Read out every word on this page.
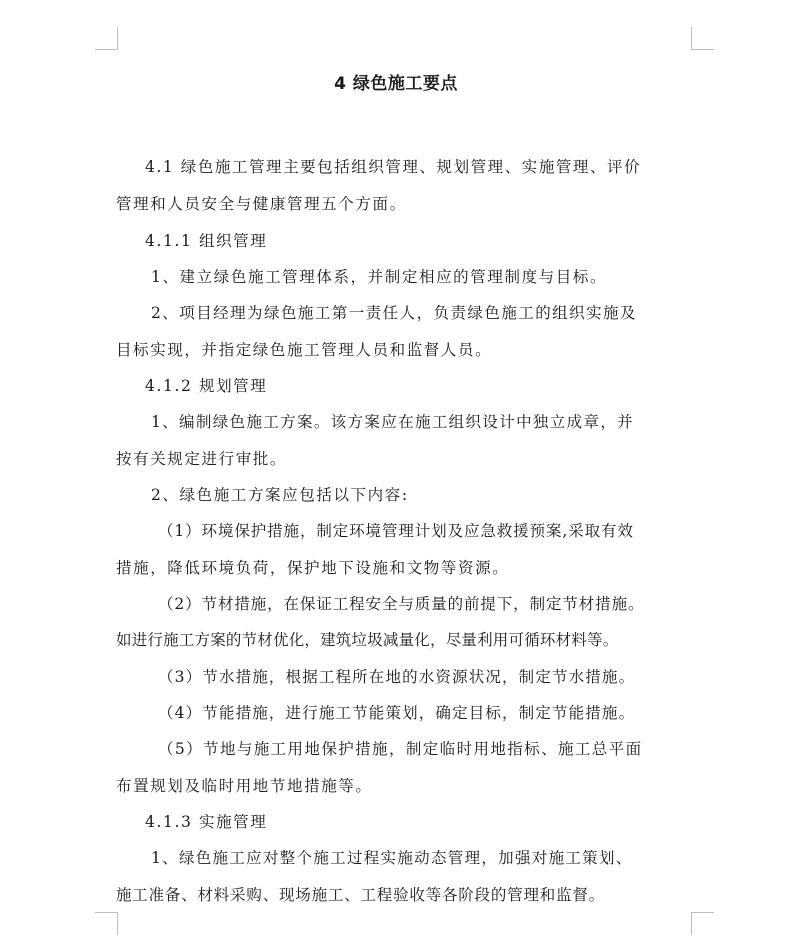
4 绿色施工要点
4.1 绿色施工管理主要包括组织管理、规划管理、实施管理、评价
管理和人员安全与健康管理五个方面。
4.1.1 组织管理
1、建立绿色施工管理体系，并制定相应的管理制度与目标。
2、项目经理为绿色施工第一责任人，负责绿色施工的组织实施及
目标实现，并指定绿色施工管理人员和监督人员。
4.1.2 规划管理
1、编制绿色施工方案。该方案应在施工组织设计中独立成章，并
按有关规定进行审批。
2、绿色施工方案应包括以下内容:
（1）环境保护措施，制定环境管理计划及应急救援预案,采取有效
措施，降低环境负荷，保护地下设施和文物等资源。
（2）节材措施，在保证工程安全与质量的前提下，制定节材措施。
如进行施工方案的节材优化，建筑垃圾减量化，尽量利用可循环材料等。
（3）节水措施，根据工程所在地的水资源状况，制定节水措施。
（4）节能措施，进行施工节能策划，确定目标，制定节能措施。
（5）节地与施工用地保护措施，制定临时用地指标、施工总平面
布置规划及临时用地节地措施等。
4.1.3 实施管理
1、绿色施工应对整个施工过程实施动态管理，加强对施工策划、
施工准备、材料采购、现场施工、工程验收等各阶段的管理和监督。
